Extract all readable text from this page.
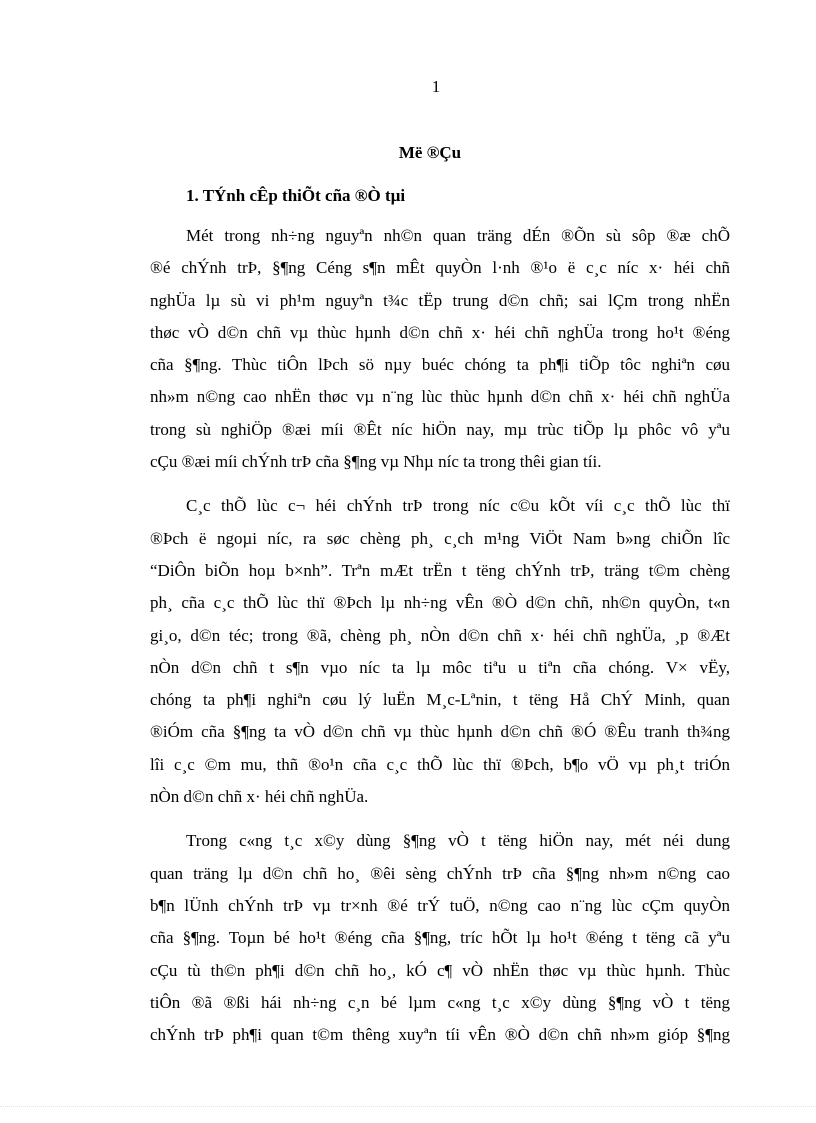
1
Më ®Çu
1. TÝnh cÊp thiÕt cña ®Ò tµi
Mét trong nh÷ng nguyªn nh©n quan träng dÉn ®Õn sù sôp ®æ chÕ
®é chÝnh trÞ, §¶ng Céng s¶n mÊt quyÒn l·nh ®¹o ë c¸c níc x· héi chñ
nghÜa lµ sù vi ph¹m nguyªn t¾c tËp trung d©n chñ; sai lÇm trong nhËn
thøc vÒ d©n chñ vµ thùc hµnh d©n chñ x· héi chñ nghÜa trong ho¹t ®éng
cña §¶ng. Thùc tiÔn lÞch sö nµy buéc chóng ta ph¶i tiÕp tôc nghiªn cøu
nh»m n©ng cao nhËn thøc vµ n¨ng lùc thùc hµnh d©n chñ x· héi chñ nghÜa
trong sù nghiÖp ®æi míi ®Êt níc hiÖn nay, mµ trùc tiÕp lµ phôc vô yªu
cÇu ®æi míi chÝnh trÞ cña §¶ng vµ Nhµ níc ta trong thêi gian tíi.
C¸c thÕ lùc c¬ héi chÝnh trÞ trong níc c©u kÕt víi c¸c thÕ lùc thï
®Þch ë ngoµi níc, ra søc chèng ph¸ c¸ch m¹ng ViÖt Nam b»ng chiÕn lîc
“DiÔn biÕn hoµ b×nh”. Trªn mÆt trËn t tëng chÝnh trÞ, träng t©m chèng
ph¸ cña c¸c thÕ lùc thï ®Þch lµ nh÷ng vÊn ®Ò d©n chñ, nh©n quyÒn, t«n
gi¸o, d©n téc; trong ®ã, chèng ph¸ nÒn d©n chñ x· héi chñ nghÜa, ¸p ®Æt
nÒn d©n chñ t s¶n vµo níc ta lµ môc tiªu u tiªn cña chóng. V× vËy,
chóng ta ph¶i nghiªn cøu lý luËn M¸c-Lªnin, t tëng Hå ChÝ Minh, quan
®iÓm cña §¶ng ta vÒ d©n chñ vµ thùc hµnh d©n chñ ®Ó ®Êu tranh th¾ng
lîi c¸c ©m mu, thñ ®o¹n cña c¸c thÕ lùc thï ®Þch, b¶o vÖ vµ ph¸t triÓn
nÒn d©n chñ x· héi chñ nghÜa.
Trong c«ng t¸c x©y dùng §¶ng vÒ t tëng hiÖn nay, mét néi dung
quan träng lµ d©n chñ ho¸ ®êi sèng chÝnh trÞ cña §¶ng nh»m n©ng cao
b¶n lÜnh chÝnh trÞ vµ tr×nh ®é trÝ tuÖ, n©ng cao n¨ng lùc cÇm quyÒn
cña §¶ng. Toµn bé ho¹t ®éng cña §¶ng, tríc hÕt lµ ho¹t ®éng t tëng cã yªu
cÇu tù th©n ph¶i d©n chñ ho¸, kÓ c¶ vÒ nhËn thøc vµ thùc hµnh. Thùc
tiÔn ®ã ®ßi hái nh÷ng c¸n bé lµm c«ng t¸c x©y dùng §¶ng vÒ t tëng
chÝnh trÞ ph¶i quan t©m thêng xuyªn tíi vÊn ®Ò d©n chñ nh»m gióp §¶ng
